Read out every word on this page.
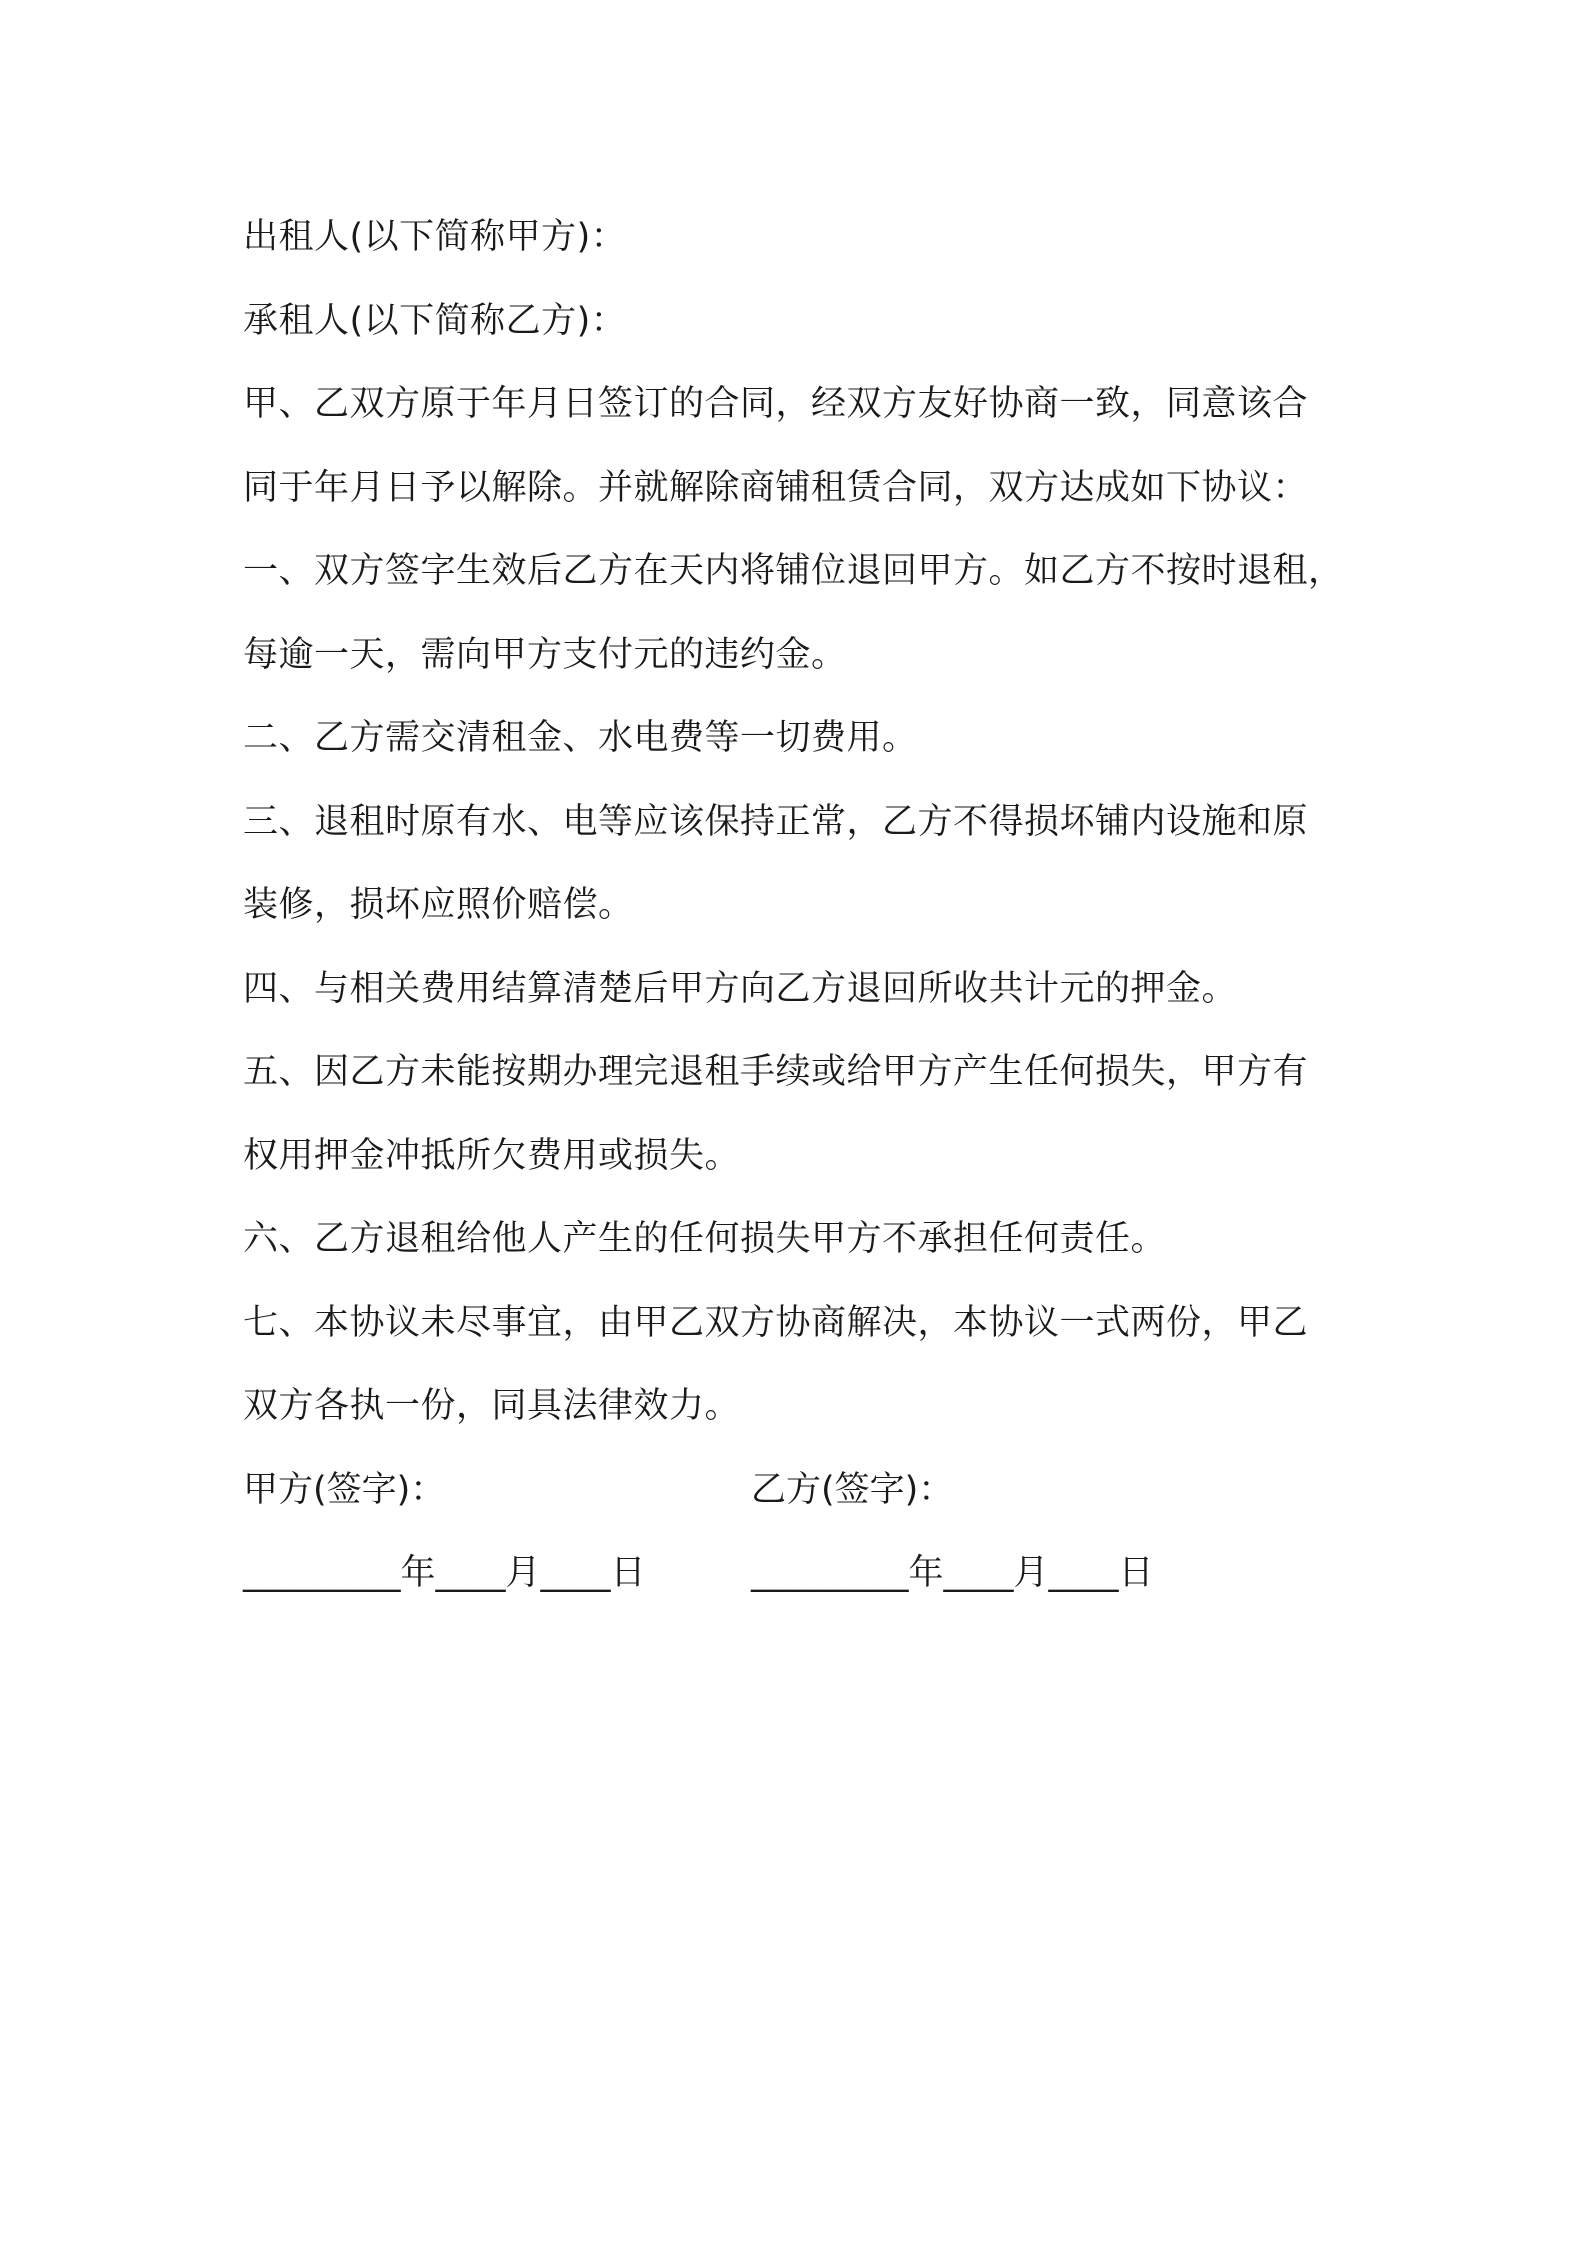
出租人(以下简称甲方)：
承租人(以下简称乙方)：
甲、乙双方原于年月日签订的合同，经双方友好协商一致，同意该合
同于年月日予以解除。并就解除商铺租赁合同，双方达成如下协议：
一、双方签字生效后乙方在天内将铺位退回甲方。如乙方不按时退租，
每逾一天，需向甲方支付元的违约金。
二、乙方需交清租金、水电费等一切费用。
三、退租时原有水、电等应该保持正常，乙方不得损坏铺内设施和原
装修，损坏应照价赔偿。
四、与相关费用结算清楚后甲方向乙方退回所收共计元的押金。
五、因乙方未能按期办理完退租手续或给甲方产生任何损失，甲方有
权用押金冲抵所欠费用或损失。
六、乙方退租给他人产生的任何损失甲方不承担任何责任。
七、本协议未尽事宜，由甲乙双方协商解决，本协议一式两份，甲乙
双方各执一份，同具法律效力。
甲方(签字)：	乙方(签字)：
_________年____月____日	_________年____月____日
